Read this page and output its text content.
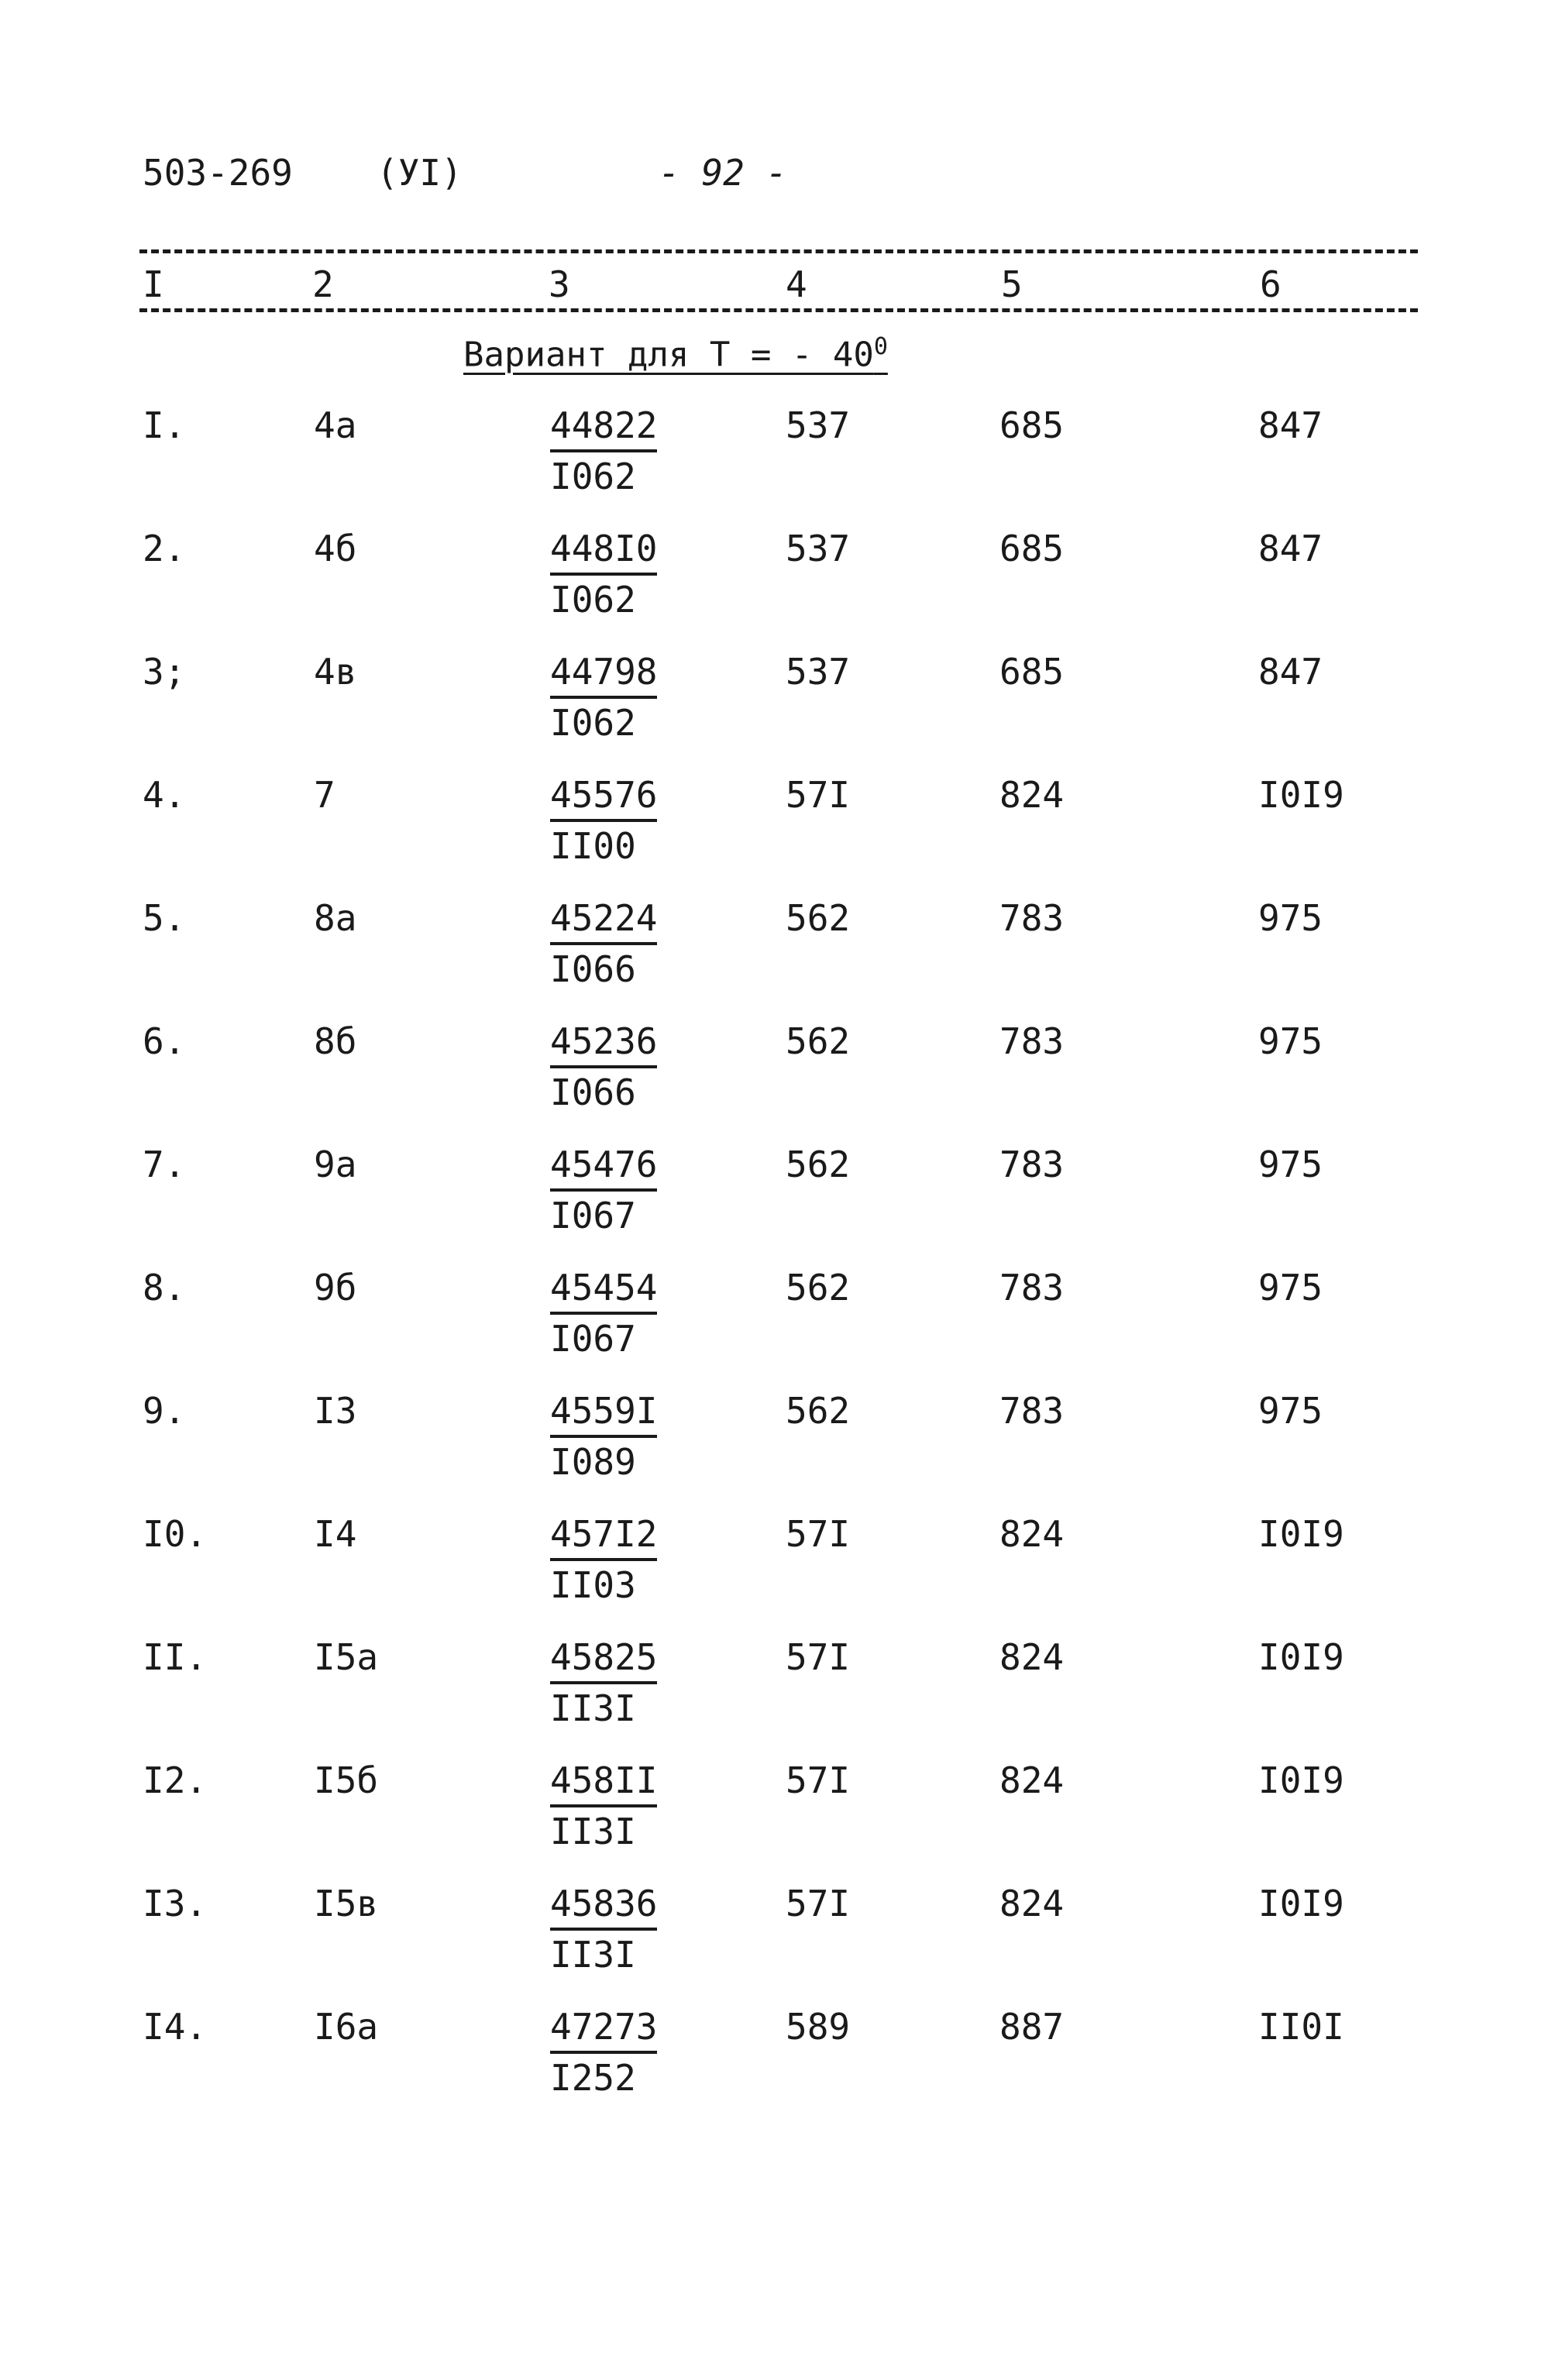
503-269 (УI)	- 92 -
I	2	3	4	5	6
Вариант для T = - $40^0$
I.	4a	$\frac{44822}{I062}$	537	685	847
2.	4б	$\frac{448I0}{I062}$	537	685	847
3;	4в	$\frac{44798}{I062}$	537	685	847
4.	7	$\frac{45576}{II00}$	57I	824	I0I9
5.	8a	$\frac{45224}{I066}$	562	783	975
6.	8б	$\frac{45236}{I066}$	562	783	975
7.	9a	$\frac{45476}{I067}$	562	783	975
8.	9б	$\frac{45454}{I067}$	562	783	975
9.	I3	$\frac{4559I}{I089}$	562	783	975
I0.	I4	$\frac{457I2}{II03}$	57I	824	I0I9
II.	I5a	$\frac{45825}{II3I}$	57I	824	I0I9
I2.	I5б	$\frac{458II}{II3I}$	57I	824	I0I9
I3.	I5в	$\frac{45836}{II3I}$	57I	824	I0I9
I4.	I6a	$\frac{47273}{I252}$	589	887	II0I
